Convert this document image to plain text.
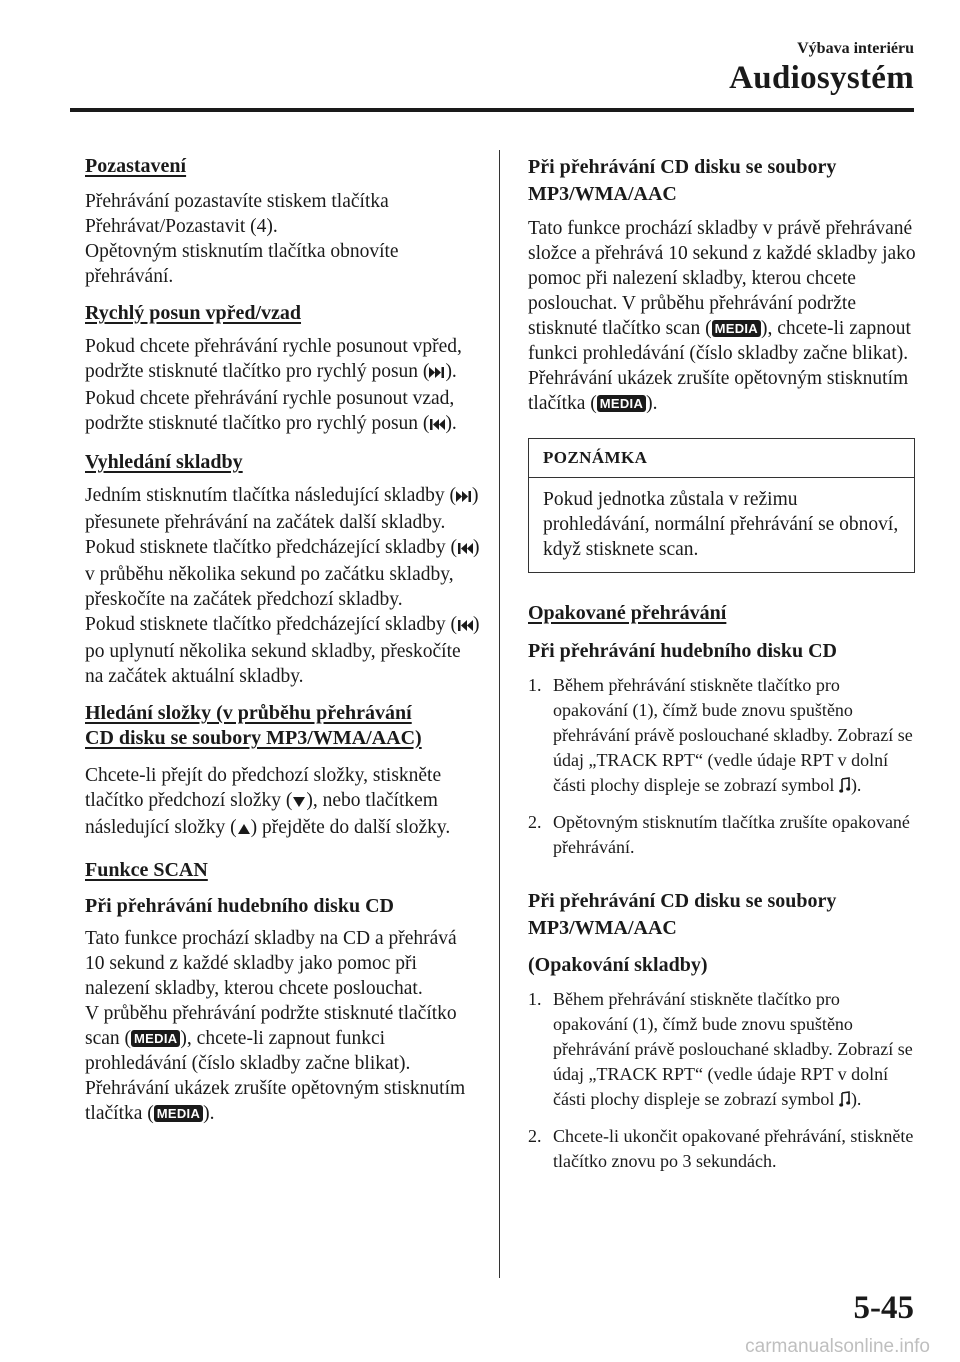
Výbava interiéru
Audiosystém

Pozastavení

Přehrávání pozastavíte stiskem tlačítka Přehrávat/Pozastavit (4).

Opětovným stisknutím tlačítka obnovíte přehrávání.

Rychlý posun vpřed/vzad

Pokud chcete přehrávání rychle posunout vpřed, podržte stisknuté tlačítko pro rychlý posun ( ). Pokud chcete přehrávání rychle posunout vzad, podržte stisknuté tlačítko pro rychlý posun ( ).

Vyhledání skladby

Jedním stisknutím tlačítka následující skladby ( ) přesunete přehrávání na začátek další skladby.

Pokud stisknete tlačítko předcházející skladby ( ) v průběhu několika sekund po začátku skladby, přeskočíte na začátek předchozí skladby.

Pokud stisknete tlačítko předcházející skladby ( ) po uplynutí několika sekund skladby, přeskočíte na začátek aktuální skladby.

Hledání složky (v průběhu přehrávání
CD disku se soubory MP3/WMA/AAC)

Chcete-li přejít do předchozí složky, stiskněte tlačítko předchozí složky ( ), nebo tlačítkem následující složky ( ) přejděte do další složky.

Funkce SCAN

Při přehrávání hudebního disku CD

Tato funkce prochází skladby na CD a přehrává 10 sekund z každé skladby jako pomoc při nalezení skladby, kterou chcete poslouchat.

V průběhu přehrávání podržte stisknuté tlačítko scan ( MEDIA ), chcete-li zapnout funkci prohledávání (číslo skladby začne blikat). Přehrávání ukázek zrušíte opětovným stisknutím tlačítka ( MEDIA ).

Při přehrávání CD disku se soubory MP3/WMA/AAC

Tato funkce prochází skladby v právě přehrávané složce a přehrává 10 sekund z každé skladby jako pomoc při nalezení skladby, kterou chcete poslouchat. V průběhu přehrávání podržte stisknuté tlačítko scan ( MEDIA ), chcete-li zapnout funkci prohledávání (číslo skladby začne blikat). Přehrávání ukázek zrušíte opětovným stisknutím tlačítka ( MEDIA ).

POZNÁMKA
Pokud jednotka zůstala v režimu prohledávání, normální přehrávání se obnoví, když stisknete scan.

Opakované přehrávání

Při přehrávání hudebního disku CD

1. Během přehrávání stiskněte tlačítko pro opakování (1), čímž bude znovu spuštěno přehrávání právě poslouchané skladby. Zobrazí se údaj „TRACK RPT“ (vedle údaje RPT v dolní části plochy displeje se zobrazí symbol ).
2. Opětovným stisknutím tlačítka zrušíte opakované přehrávání.

Při přehrávání CD disku se soubory MP3/WMA/AAC

(Opakování skladby)

1. Během přehrávání stiskněte tlačítko pro opakování (1), čímž bude znovu spuštěno přehrávání právě poslouchané skladby. Zobrazí se údaj „TRACK RPT“ (vedle údaje RPT v dolní části plochy displeje se zobrazí symbol ).
2. Chcete-li ukončit opakované přehrávání, stiskněte tlačítko znovu po 3 sekundách.
5-45
carmanualsonline.info
